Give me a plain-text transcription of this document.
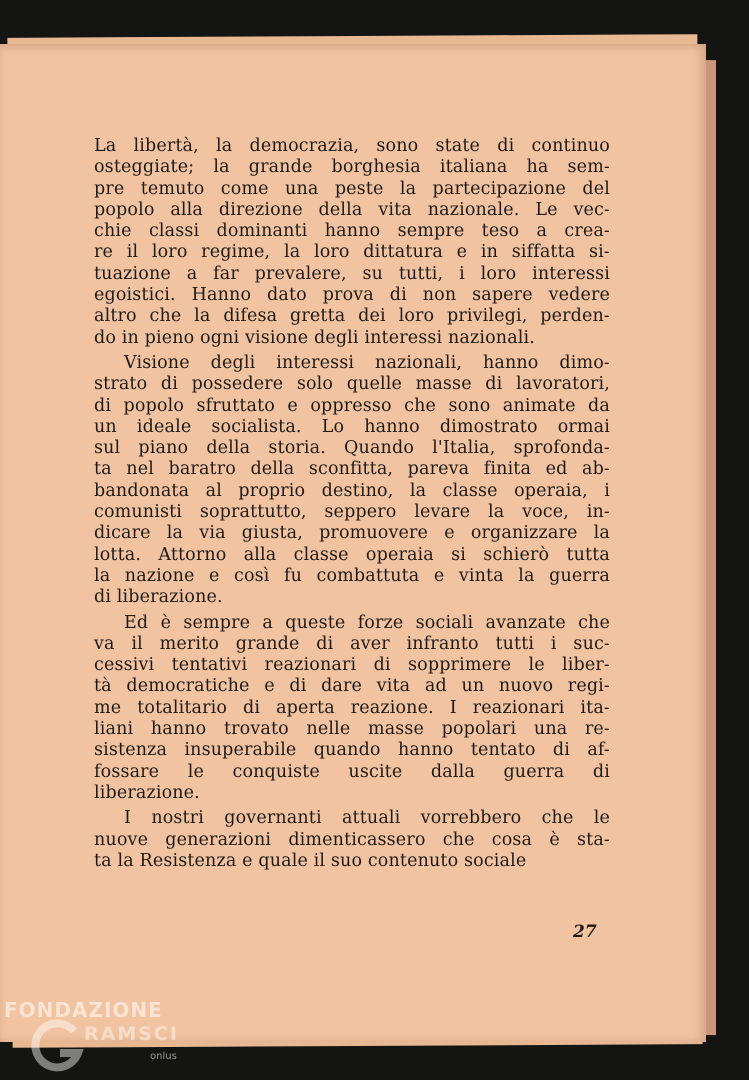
La libertà, la democrazia, sono state di continuo
osteggiate; la grande borghesia italiana ha sem-
pre temuto come una peste la partecipazione del
popolo alla direzione della vita nazionale. Le vec-
chie classi dominanti hanno sempre teso a crea-
re il loro regime, la loro dittatura e in siffatta si-
tuazione a far prevalere, su tutti, i loro interessi
egoistici. Hanno dato prova di non sapere vedere
altro che la difesa gretta dei loro privilegi, perden-
do in pieno ogni visione degli interessi nazionali.

Visione degli interessi nazionali, hanno dimo-
strato di possedere solo quelle masse di lavoratori,
di popolo sfruttato e oppresso che sono animate da
un ideale socialista. Lo hanno dimostrato ormai
sul piano della storia. Quando l'Italia, sprofonda-
ta nel baratro della sconfitta, pareva finita ed ab-
bandonata al proprio destino, la classe operaia, i
comunisti soprattutto, seppero levare la voce, in-
dicare la via giusta, promuovere e organizzare la
lotta. Attorno alla classe operaia si schierò tutta
la nazione e così fu combattuta e vinta la guerra
di liberazione.

Ed è sempre a queste forze sociali avanzate che
va il merito grande di aver infranto tutti i suc-
cessivi tentativi reazionari di sopprimere le liber-
tà democratiche e di dare vita ad un nuovo regi-
me totalitario di aperta reazione. I reazionari ita-
liani hanno trovato nelle masse popolari una re-
sistenza insuperabile quando hanno tentato di af-
fossare le conquiste uscite dalla guerra di
liberazione.

I nostri governanti attuali vorrebbero che le
nuove generazioni dimenticassero che cosa è sta-
ta la Resistenza e quale il suo contenuto sociale

27
FONDAZIONE
RAMSCI
onlus
